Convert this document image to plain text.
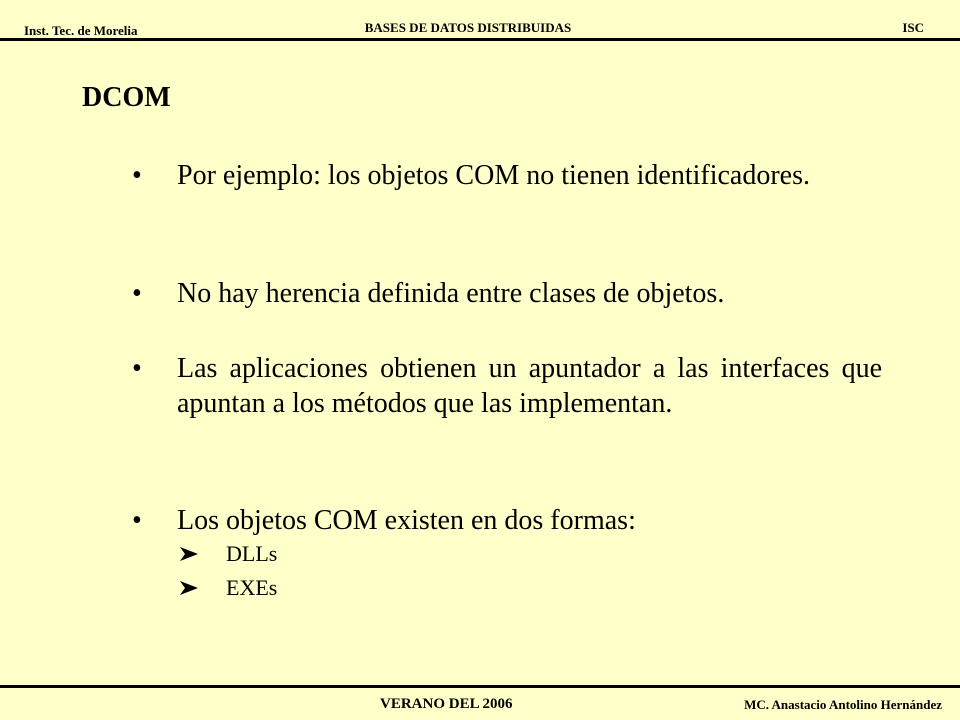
Inst. Tec. de Morelia	BASES DE DATOS DISTRIBUIDAS	ISC
DCOM
•	Por ejemplo: los objetos COM no tienen identificadores.
•	No hay herencia definida entre clases de objetos.
•	Las aplicaciones obtienen un apuntador a las interfaces que apuntan a los métodos que las implementan.
•	Los objetos COM existen en dos formas:
DLLs
EXEs
VERANO DEL 2006	MC. Anastacio Antolino Hernández
